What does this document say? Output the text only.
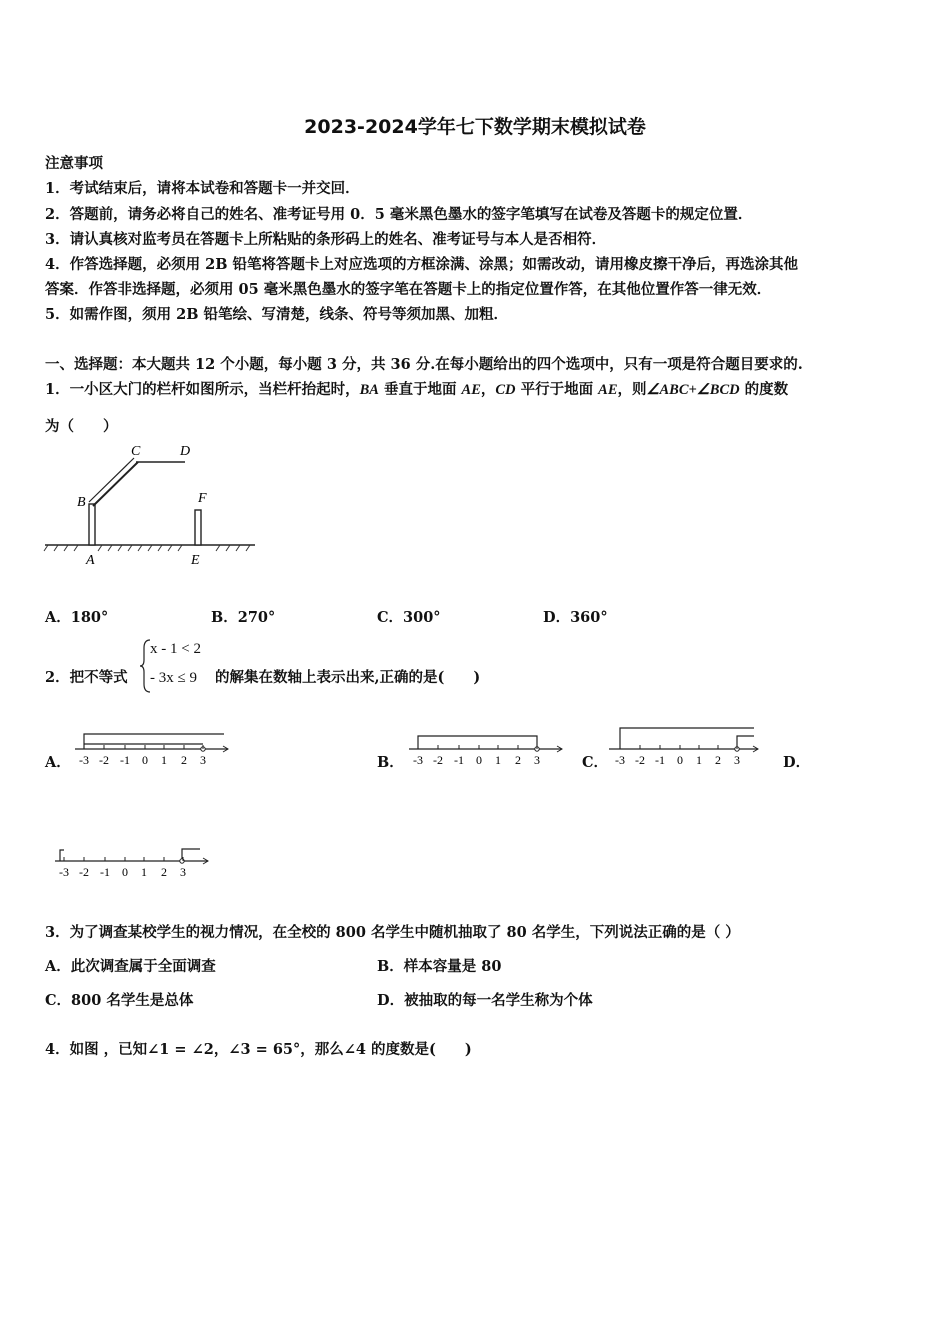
2023-2024学年七下数学期末模拟试卷
注意事项
1．考试结束后，请将本试卷和答题卡一并交回．
2．答题前，请务必将自己的姓名、准考证号用 0．5 毫米黑色墨水的签字笔填写在试卷及答题卡的规定位置．
3．请认真核对监考员在答题卡上所粘贴的条形码上的姓名、准考证号与本人是否相符．
4．作答选择题，必须用 2B 铅笔将答题卡上对应选项的方框涂满、涂黑；如需改动，请用橡皮擦干净后，再选涂其他
答案．作答非选择题，必须用 05 毫米黑色墨水的签字笔在答题卡上的指定位置作答，在其他位置作答一律无效．
5．如需作图，须用 2B 铅笔绘、写清楚，线条、符号等须加黑、加粗．
一、选择题：本大题共 12 个小题，每小题 3 分，共 36 分.在每小题给出的四个选项中，只有一项是符合题目要求的.
1．一小区大门的栏杆如图所示，当栏杆抬起时，BA 垂直于地面 AE，CD 平行于地面 AE，则∠ABC+∠BCD 的度数
为（　　）
C	D
B	F
A	E
A．180°	B．270°	C．300°	D．360°
2．把不等式
x - 1 < 2
- 3x ≤ 9 的解集在数轴上表示出来,正确的是(　　)
A．	B．	C．	D．
-3 -2 -1 0 1 2 3	-3 -2 -1 0 1 2 3	-3 -2 -1 0 1 2 3
-3 -2 -1 0 1 2 3
3．为了调查某校学生的视力情况，在全校的 800 名学生中随机抽取了 80 名学生，下列说法正确的是（ ）
A．此次调查属于全面调查	B．样本容量是 80
C．800 名学生是总体	D．被抽取的每一名学生称为个体
4．如图 ，已知∠1 = ∠2，∠3 = 65°，那么∠4 的度数是(　　)
